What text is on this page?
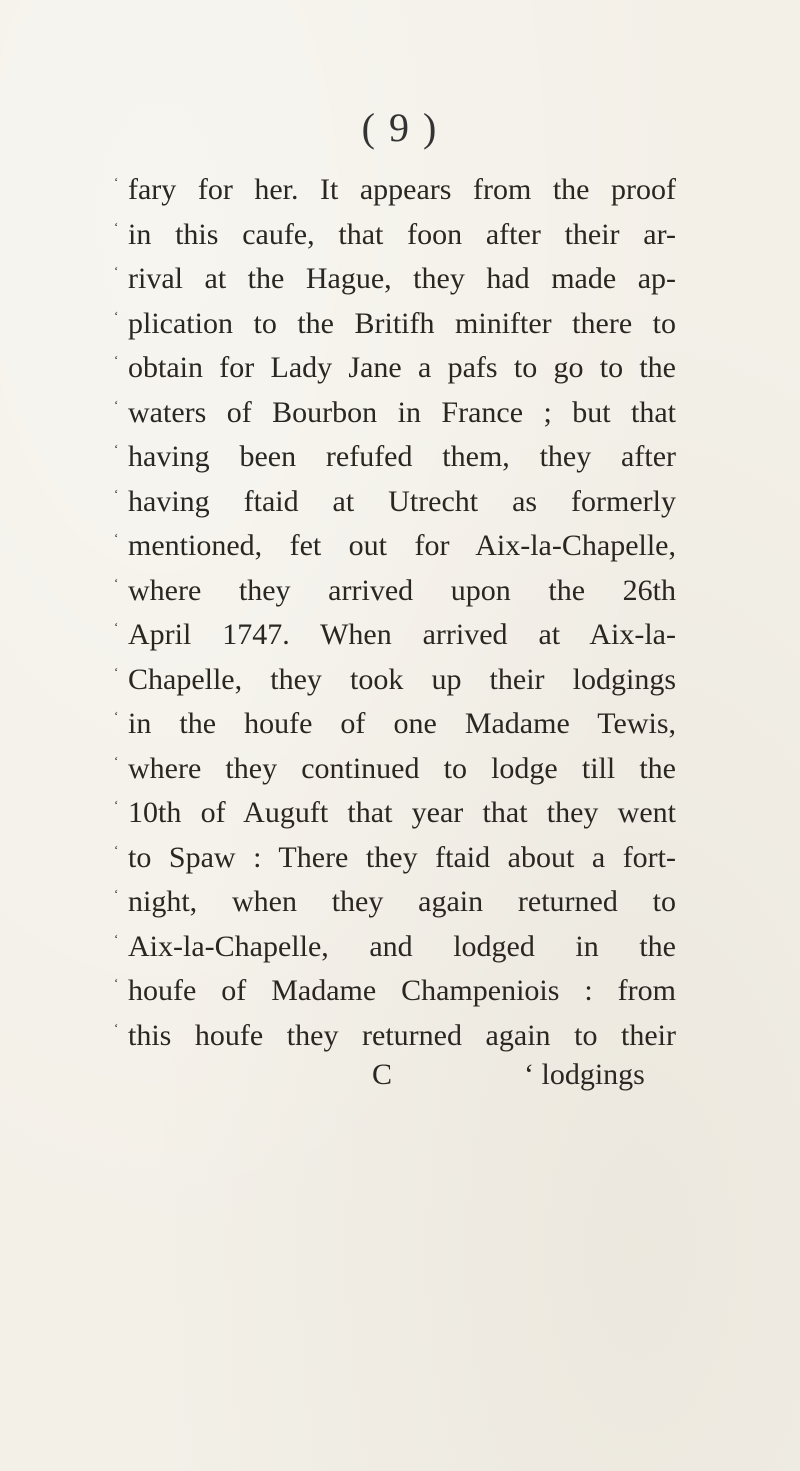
( 9 )
‘ fary for her. It appears from the proof
‘ in this caufe, that foon after their ar-
‘ rival at the Hague, they had made ap-
‘ plication to the Britifh minifter there to
‘ obtain for Lady Jane a pafs to go to the
‘ waters of Bourbon in France ; but that
‘ having been refufed them, they after
‘ having ftaid at Utrecht as formerly
‘ mentioned, fet out for Aix-la-Chapelle,
‘ where they arrived upon the 26th
‘ April 1747. When arrived at Aix-la-
‘ Chapelle, they took up their lodgings
‘ in the houfe of one Madame Tewis,
‘ where they continued to lodge till the
‘ 10th of Auguft that year that they went
‘ to Spaw : There they ftaid about a fort-
‘ night, when they again returned to
‘ Aix-la-Chapelle, and lodged in the
‘ houfe of Madame Champeniois : from
‘ this houfe they returned again to their
C	‘ lodgings
